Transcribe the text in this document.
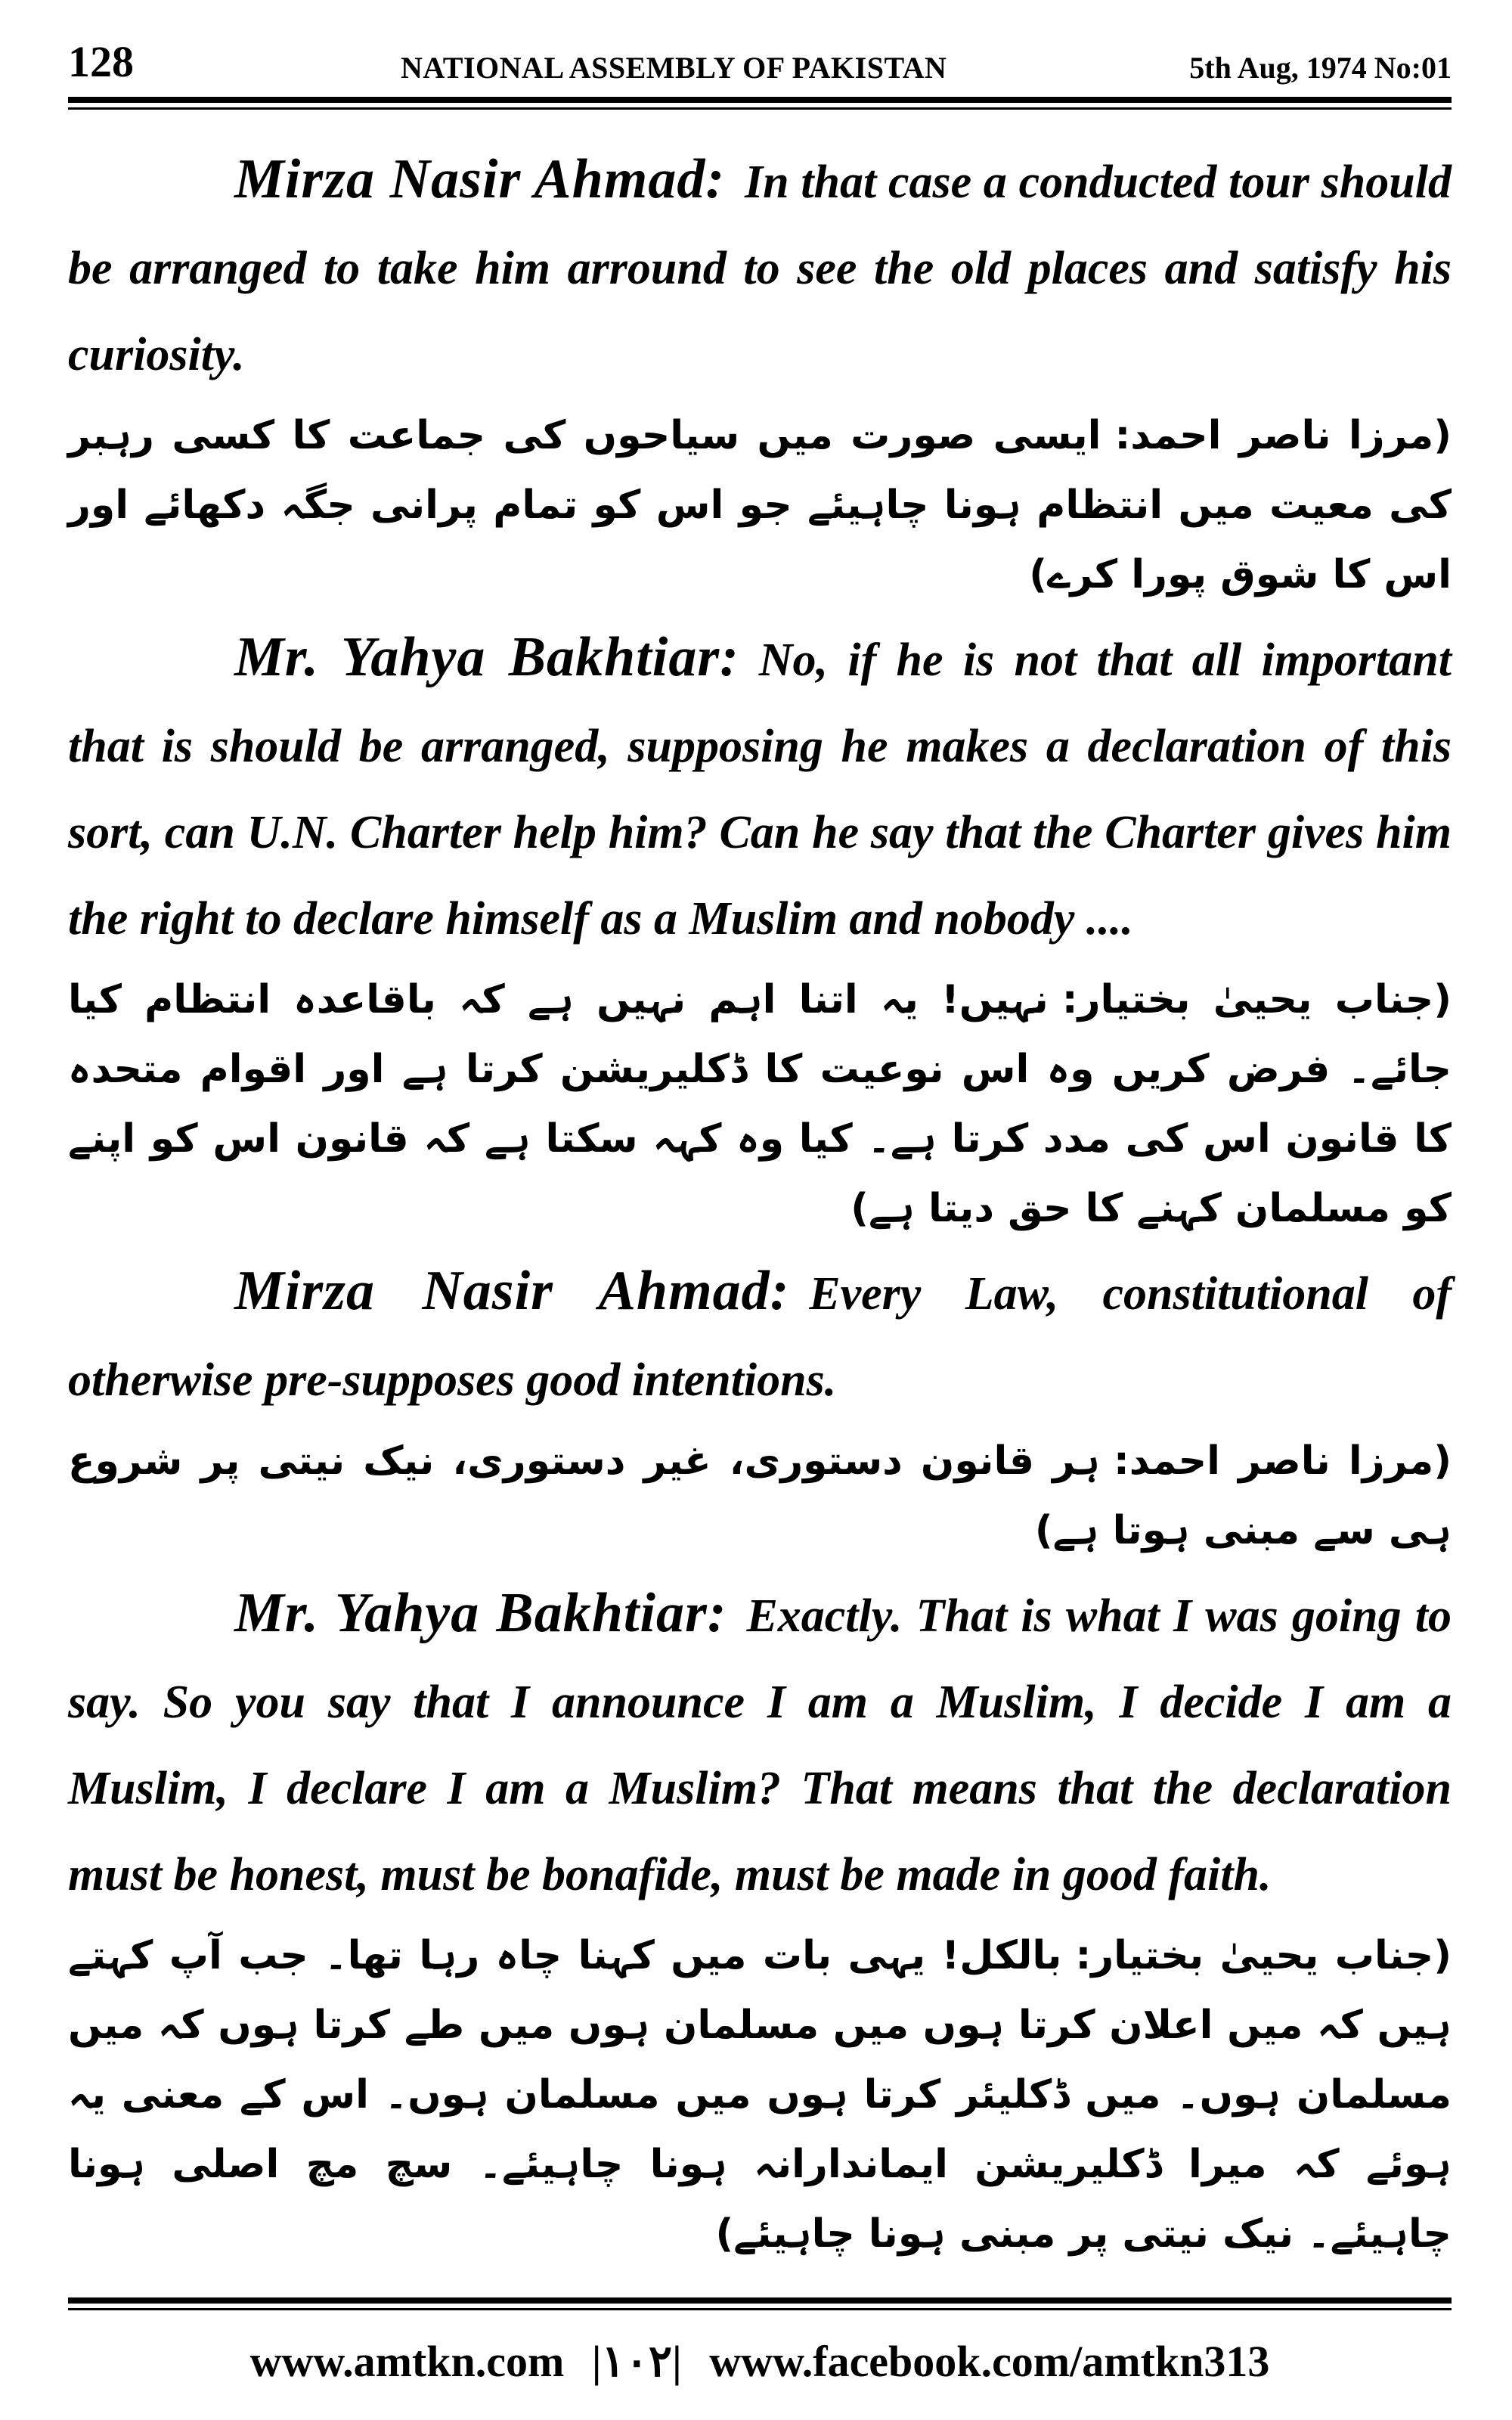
128	NATIONAL ASSEMBLY OF PAKISTAN	5th Aug, 1974 No:01

Mirza Nasir Ahmad: In that case a conducted tour should be arranged to take him arround to see the old places and satisfy his curiosity.

(مرزا ناصر احمد:ایسی صورت میں سیاحوں کی جماعت کا کسی رہبر کی معیت میں انتظام ہونا چاہیئے جو اس کو تمام پرانی جگہ دکھائے اور اس کا شوق پورا کرے)

Mr. Yahya Bakhtiar: No, if he is not that all important that is should be arranged, supposing he makes a declaration of this sort, can U.N. Charter help him? Can he say that the Charter gives him the right to declare himself as a Muslim and nobody ....

(جناب یحییٰ بختیار:نہیں! یہ اتنا اہم نہیں ہے کہ باقاعدہ انتظام کیا جائے۔ فرض کریں وہ اس نوعیت کا ڈکلیریشن کرتا ہے اور اقوام متحدہ کا قانون اس کی مدد کرتا ہے۔ کیا وہ کہہ سکتا ہے کہ قانون اس کو اپنے کو مسلمان کہنے کا حق دیتا ہے)

Mirza Nasir Ahmad: Every Law, constitutional of otherwise pre-supposes good intentions.

(مرزا ناصر احمد:ہر قانون دستوری، غیر دستوری، نیک نیتی پر شروع ہی سے مبنی ہوتا ہے)

Mr. Yahya Bakhtiar: Exactly. That is what I was going to say. So you say that I announce I am a Muslim, I decide I am a Muslim, I declare I am a Muslim? That means that the declaration must be honest, must be bonafide, must be made in good faith.

(جناب یحییٰ بختیار:بالکل! یہی بات میں کہنا چاہ رہا تھا۔ جب آپ کہتے ہیں کہ میں اعلان کرتا ہوں میں مسلمان ہوں میں طے کرتا ہوں کہ میں مسلمان ہوں۔ میں ڈکلیئر کرتا ہوں میں مسلمان ہوں۔ اس کے معنی یہ ہوئے کہ میرا ڈکلیریشن ایماندارانہ ہونا چاہیئے۔ سچ مچ اصلی ہونا چاہیئے۔ نیک نیتی پر مبنی ہونا چاہیئے)

www.amtkn.com |۱۰۲| www.facebook.com/amtkn313
